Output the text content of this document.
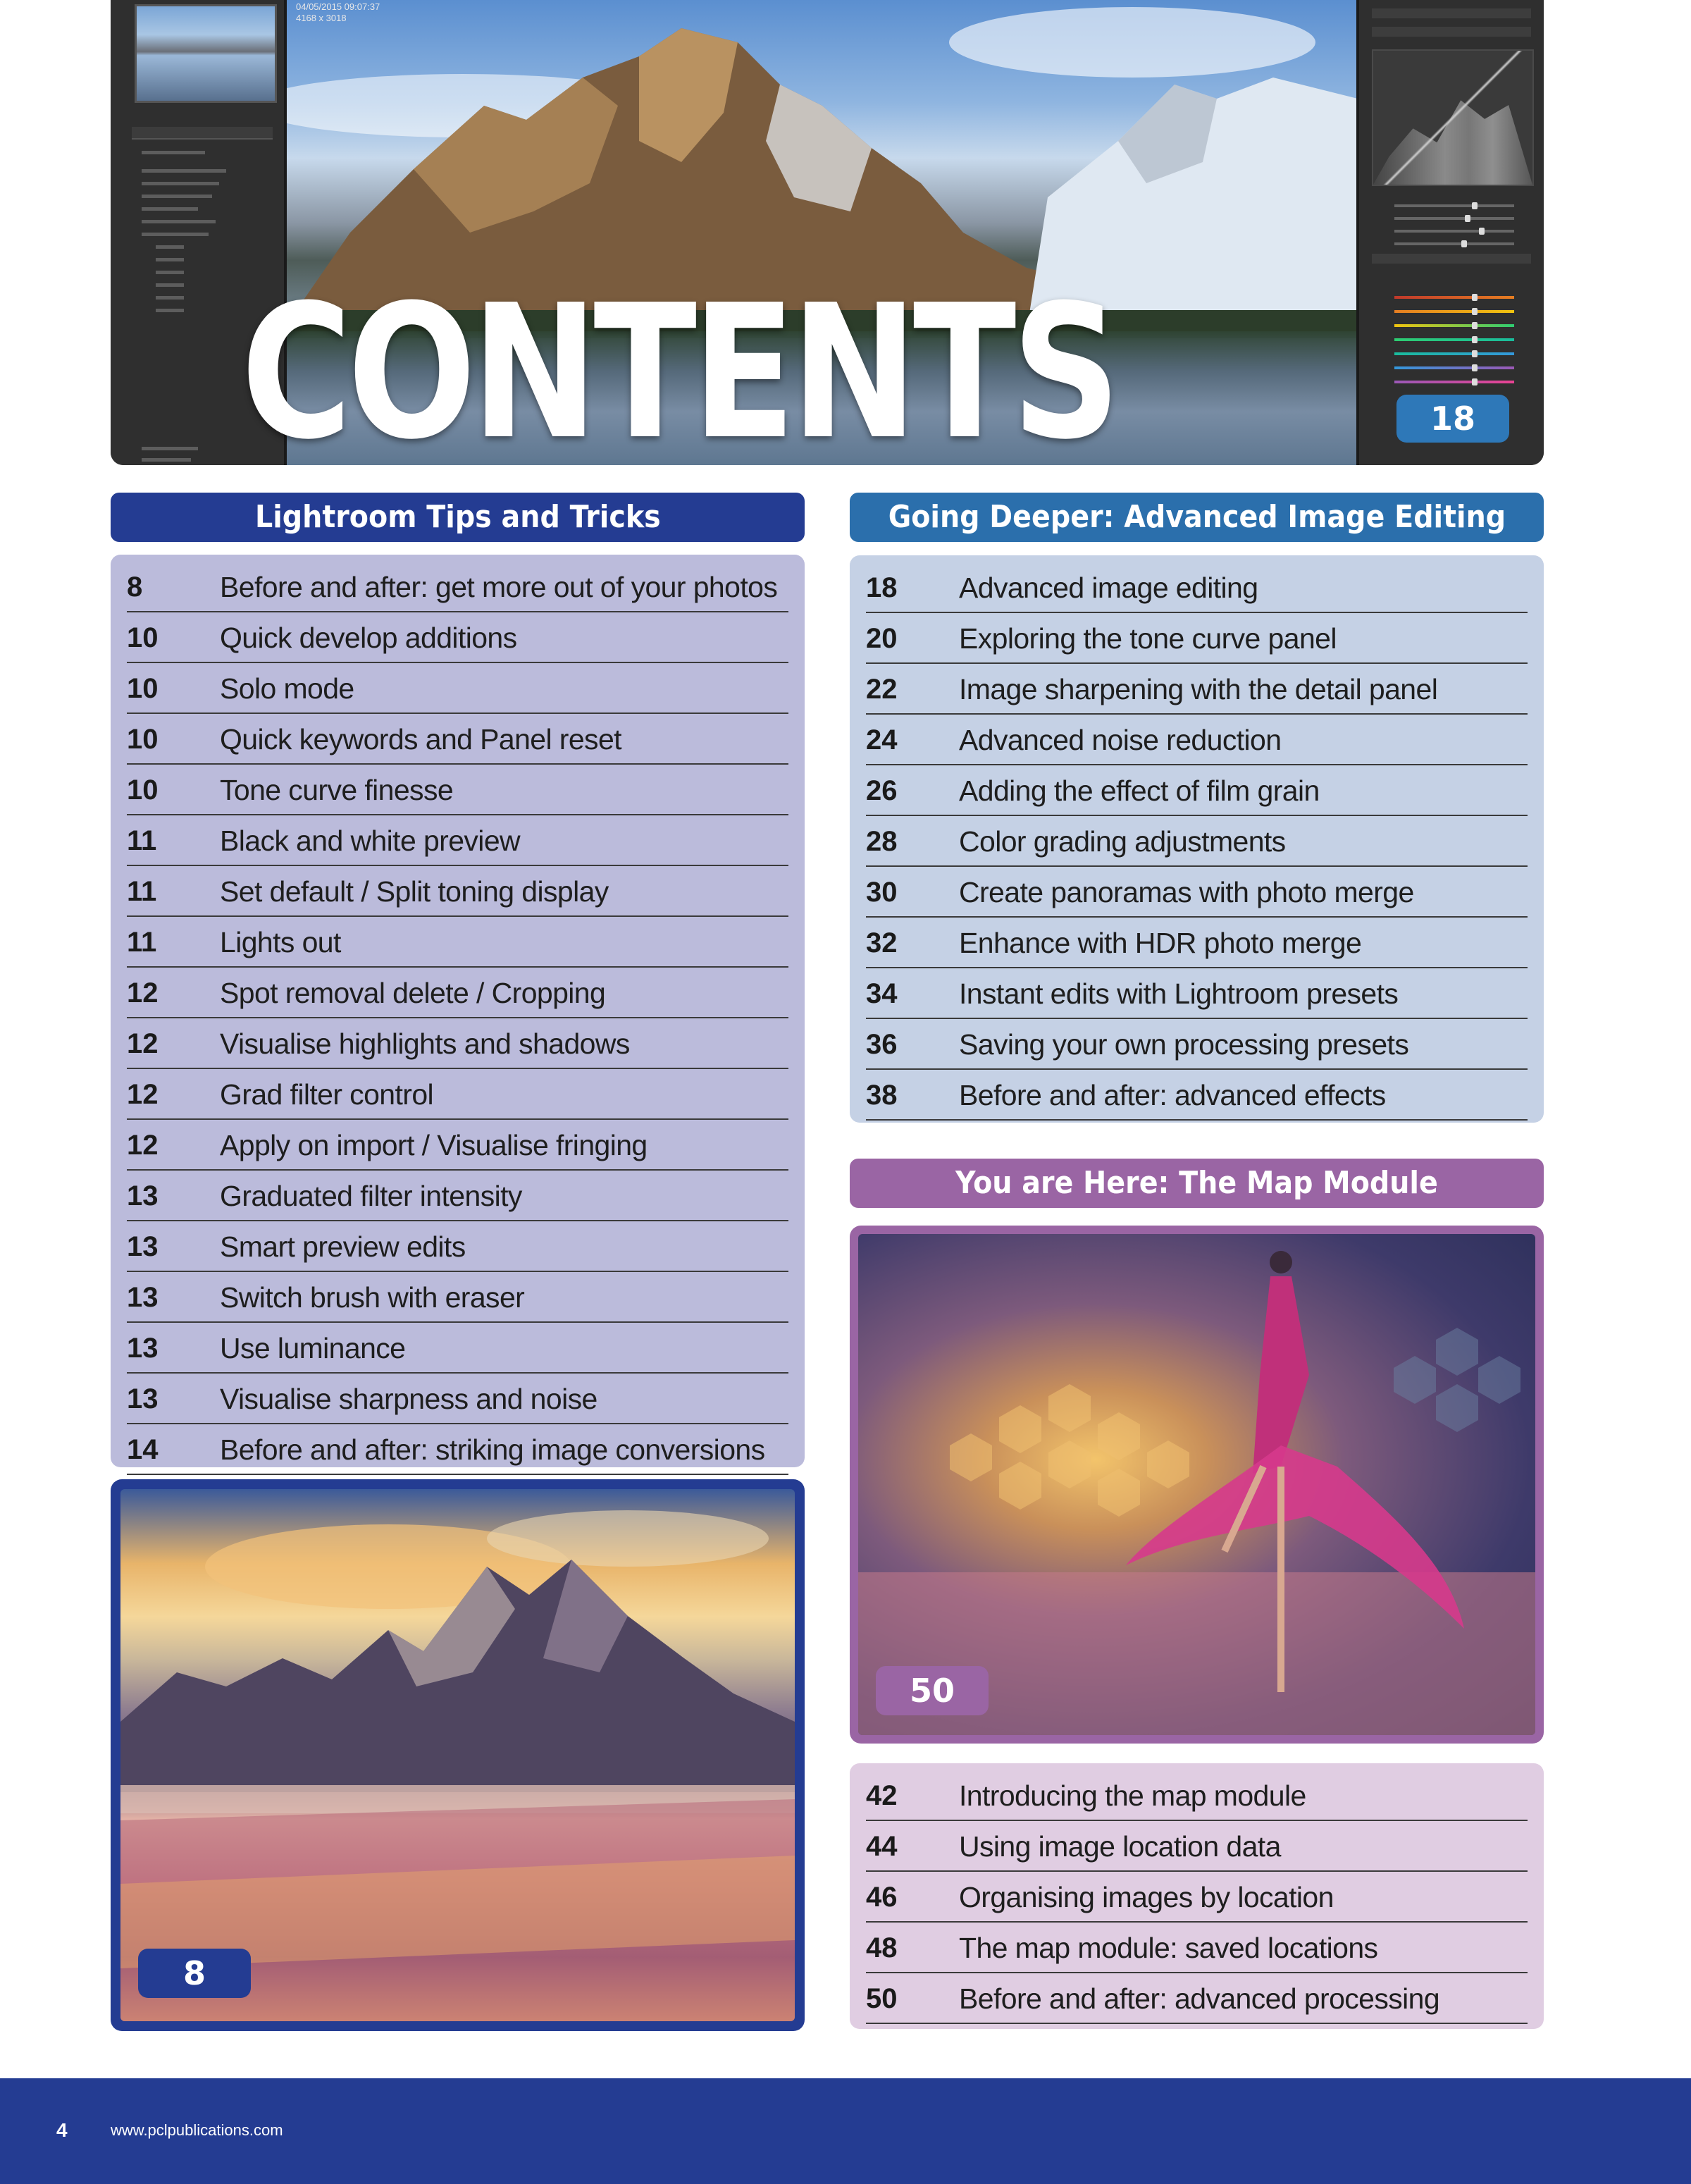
CONTENTS	18
Lightroom Tips and Tricks
8	Before and after: get more out of your photos
10 Quick develop additions
10 Solo mode
10 Quick keywords and Panel reset
10 Tone curve finesse
11 Black and white preview
11 Set default / Split toning display
11 Lights out
12 Spot removal delete / Cropping
12 Visualise highlights and shadows
12 Grad filter control
12 Apply on import / Visualise fringing
13 Graduated filter intensity
13 Smart preview edits
13 Switch brush with eraser
13 Use luminance
13 Visualise sharpness and noise
14 Before and after: striking image conversions
8
Going Deeper: Advanced Image Editing
18 Advanced image editing
20 Exploring the tone curve panel
22 Image sharpening with the detail panel
24 Advanced noise reduction
26 Adding the effect of film grain
28 Color grading adjustments
30 Create panoramas with photo merge
32 Enhance with HDR photo merge
34 Instant edits with Lightroom presets
36 Saving your own processing presets
38 Before and after: advanced effects
You are Here: The Map Module
50
42 Introducing the map module
44 Using image location data
46 Organising images by location
48 The map module: saved locations
50 Before and after: advanced processing
4	www.pclpublications.com
04/05/2015 09:07:37
4168 x 3018
